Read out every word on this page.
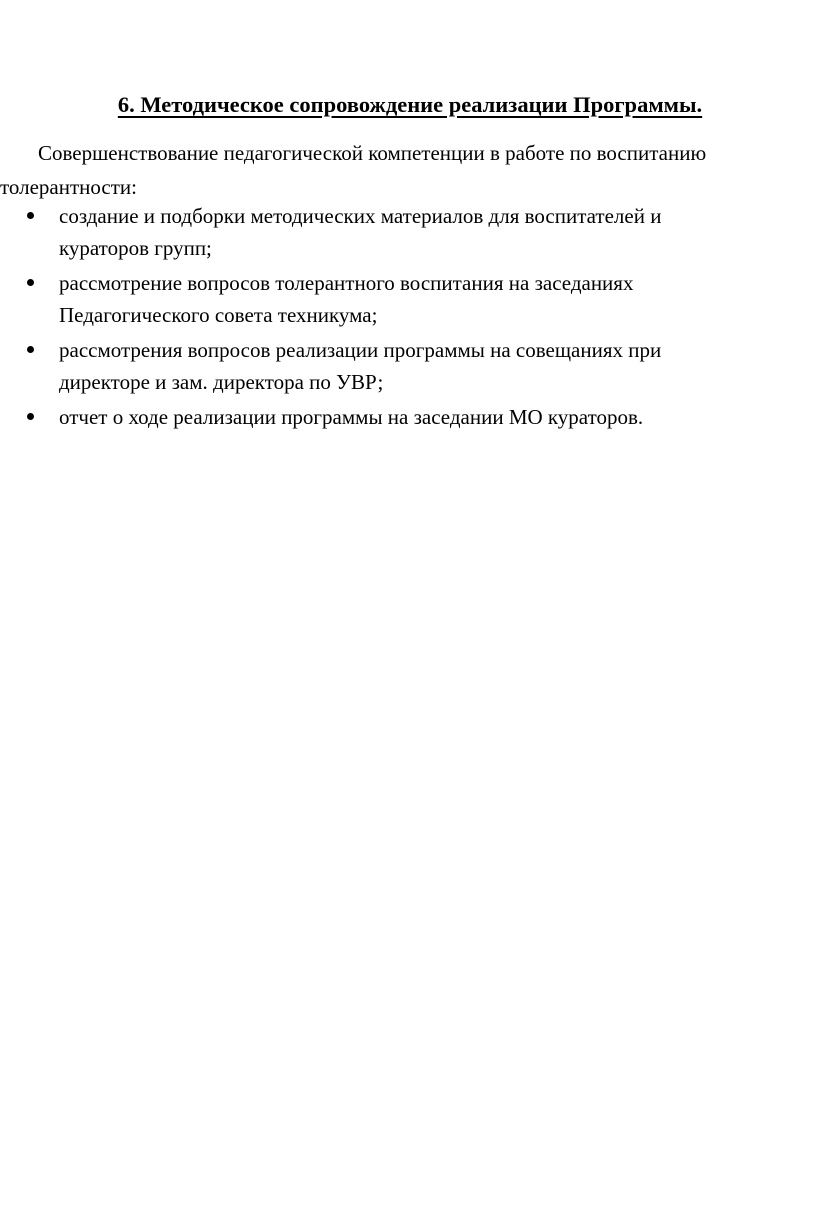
6. Методическое сопровождение реализации Программы.
Совершенствование педагогической компетенции в работе по воспитанию
толерантности:
создание и подборки методических материалов для воспитателей и
кураторов групп;
рассмотрение вопросов толерантного воспитания на заседаниях
Педагогического совета техникума;
рассмотрения вопросов реализации программы на совещаниях при
директоре и зам. директора по УВР;
отчет о ходе реализации программы на заседании МО кураторов.
